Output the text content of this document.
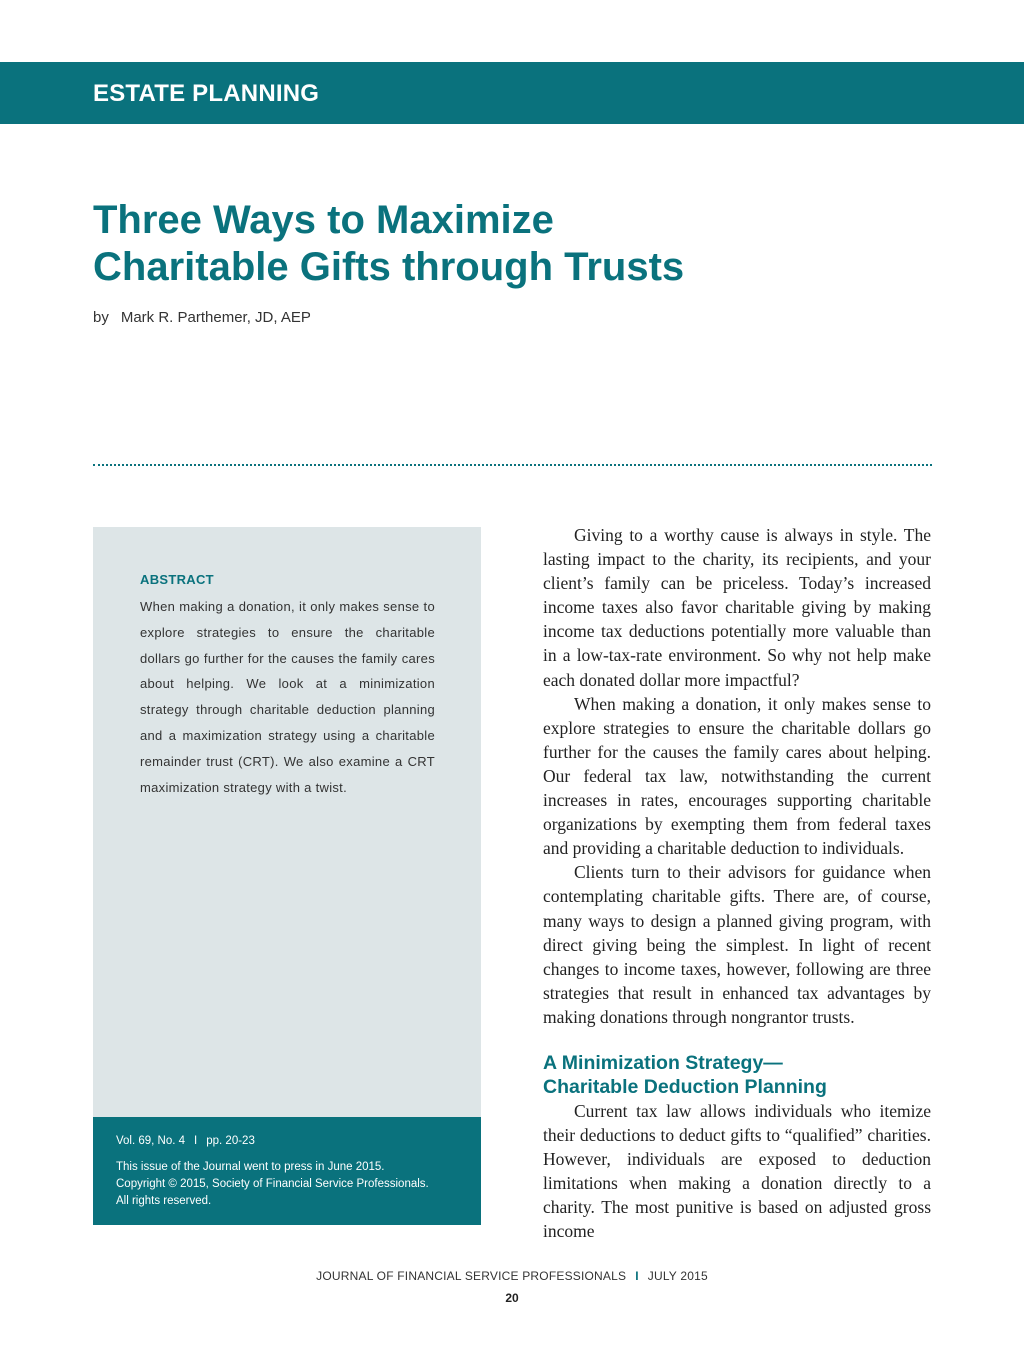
ESTATE PLANNING
Three Ways to Maximize
Charitable Gifts through Trusts
by Mark R. Parthemer, JD, AEP
ABSTRACT
When making a donation, it only makes sense to explore strategies to ensure the charitable dollars go further for the causes the family cares about helping. We look at a minimization strategy through charitable deduction planning and a maximization strategy using a charitable remainder trust (CRT). We also examine a CRT maximization strategy with a twist.
Vol. 69, No. 4 I pp. 20-23
This issue of the Journal went to press in June 2015.
Copyright © 2015, Society of Financial Service Professionals.
All rights reserved.

Giving to a worthy cause is always in style. The lasting impact to the charity, its recipients, and your client’s family can be priceless. Today’s increased income taxes also favor charitable giving by making income tax deductions potentially more valuable than in a low-tax-rate environment. So why not help make each donated dollar more impactful?

When making a donation, it only makes sense to explore strategies to ensure the charitable dollars go further for the causes the family cares about helping. Our federal tax law, notwithstanding the current increases in rates, encourages supporting charitable organizations by exempting them from federal taxes and providing a charitable deduction to individuals.

Clients turn to their advisors for guidance when contemplating charitable gifts. There are, of course, many ways to design a planned giving program, with direct giving being the simplest. In light of recent changes to income taxes, however, following are three strategies that result in enhanced tax advantages by making donations through nongrantor trusts.

A Minimization Strategy—
Charitable Deduction Planning

Current tax law allows individuals who itemize their deductions to deduct gifts to “qualified” charities. However, individuals are exposed to deduction limitations when making a donation directly to a charity. The most punitive is based on adjusted gross income

JOURNAL OF FINANCIAL SERVICE PROFESSIONALS I JULY 2015
20
